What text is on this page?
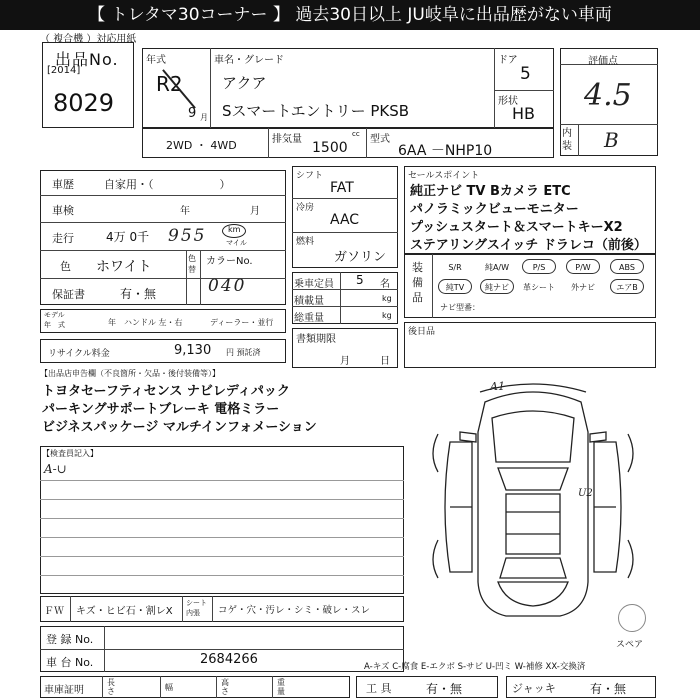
【 トレタマ30コーナー 】 過去30日以上 JU岐阜に出品歴がない車両
（ 複合機 ）対応用紙
出品No.
[2014]
8029
年式
R2
9 月
車名・グレード
アクア
Sスマートエントリー PKSB
ドア
5
形状
HB
評価点
4.5
内装 B
2WD ・ 4WD	排気量	cc
1500
型式
6AA －NHP10
車歴	自家用・（　　　　　　）
車検	年	月
走行	4万 0千 955	km
マイル
色 ホワイト
色替
カラーNo.
040
保証書	有・無
モデル
年　式	年 ハンドル 左・右	ディーラー・並行
リサイクル料金	9,130 円 預託済
シフト
FAT
冷房
AAC
燃料
ガソリン
乗車定員 5 名
積載量	kg
総重量	kg
書類期限
月	日
セールスポイント
純正ナビ TV Bカメラ ETC
パノラミックビューモニター
プッシュスタート＆スマートキーX2
ステアリングスイッチ ドラレコ（前後）
装備品
S/R	純A/W	P/S	P/W	ABS
純TV	純ナビ	革シート	外ナビ	エアB
ナビ型番：
後日品
【出品店申告欄（不良箇所・欠品・後付装備等）】
トヨタセーフティセンス ナビレディパック
パーキングサポートブレーキ 電格ミラー
ビジネスパッケージ マルチインフォメーション
【検査員記入】
A-∪
A1
U2
スペア
ＦＷ キズ・ヒビ石・割レX
シート
内張	コゲ・穴・汚レ・シミ・破レ・スレ
登 録 No.
車 台 No.	2684266	A-キズ C-腐食 E-エクボ S-サビ U-凹ミ W-補修 XX-交換済
車庫証明
長さ	幅
高さ
重量	工 具	有・無	ジャッキ	有・無
